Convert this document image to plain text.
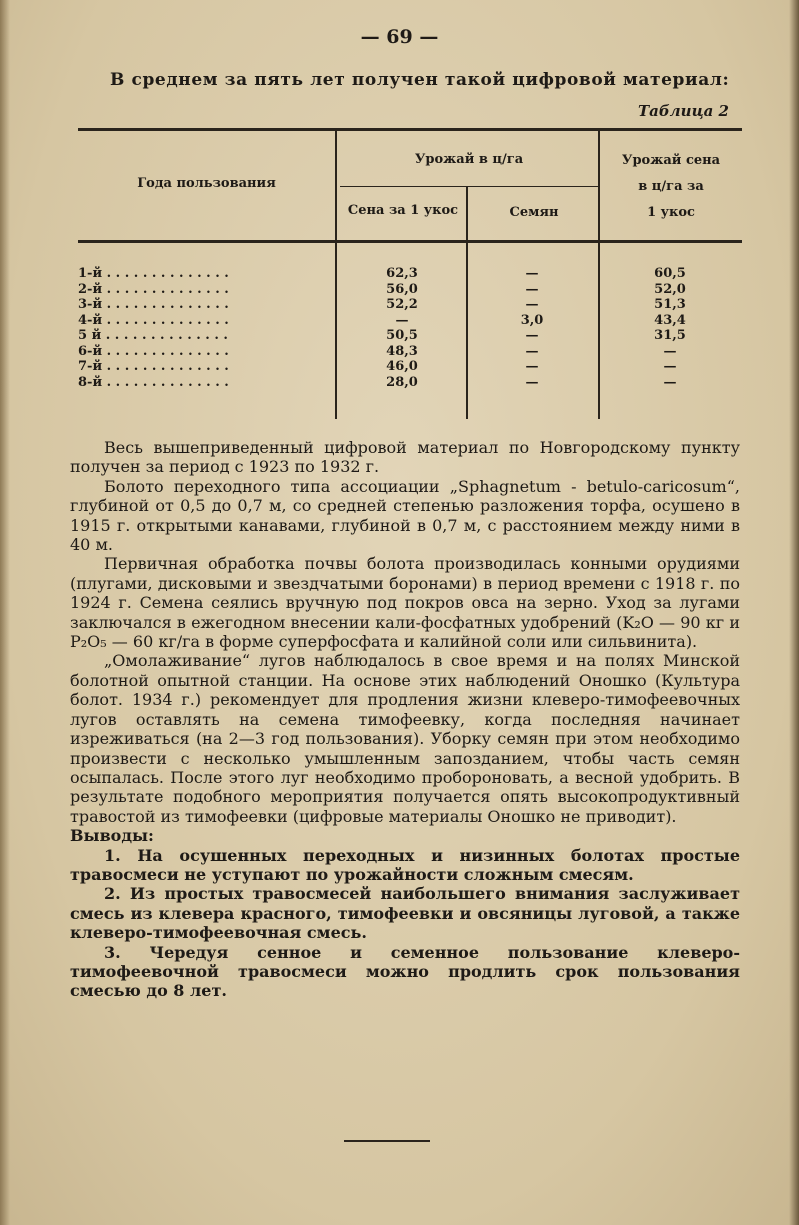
— 69 —
В среднем за пять лет получен такой цифровой материал:
Таблица 2
Года пользования
Урожай в ц/га
Сена за 1 укос	Семян
Урожай сена
в ц/га за
1 укос
1-й . . . . . . . . . . . . . .
2-й . . . . . . . . . . . . . .
3-й . . . . . . . . . . . . . .
4-й . . . . . . . . . . . . . .
5 й . . . . . . . . . . . . . .
6-й . . . . . . . . . . . . . .
7-й . . . . . . . . . . . . . .
8-й . . . . . . . . . . . . . .
62,3
56,0
52,2
—
50,5
48,3
46,0
28,0
—
—
—
3,0
—
—
—
—
60,5
52,0
51,3
43,4
31,5
—
—
—

Весь вышеприведенный цифровой материал по Новгородскому пункту получен за период с 1923 по 1932 г.

Болото переходного типа ассоциации „Sphagnetum - betulo-caricosum“, глубиной от 0,5 до 0,7 м, со средней степенью разложения торфа, осушено в 1915 г. открытыми канавами, глубиной в 0,7 м, с расстоянием между ними в 40 м.

Первичная обработка почвы болота производилась конными орудиями (плугами, дисковыми и звездчатыми боронами) в период времени с 1918 г. по 1924 г. Семена сеялись вручную под покров овса на зерно. Уход за лугами заключался в ежегодном внесении кали-фосфатных удобрений (K₂O — 90 кг и P₂O₅ — 60 кг/га в форме суперфосфата и калийной соли или сильвинита).

„Омолаживание“ лугов наблюдалось в свое время и на полях Минской болотной опытной станции. На основе этих наблюдений Оношко (Культура болот. 1934 г.) рекомендует для продления жизни клеверо-тимофеевочных лугов оставлять на семена тимофеевку, когда последняя начинает изреживаться (на 2—3 год пользования). Уборку семян при этом необходимо произвести с несколько умышленным запозданием, чтобы часть семян осыпалась. После этого луг необходимо пробороновать, а весной удобрить. В результате подобного мероприятия получается опять высокопродуктивный травостой из тимофеевки (цифровые материалы Оношко не приводит).

Выводы:

1. На осушенных переходных и низинных болотах простые травосмеси не уступают по урожайности сложным смесям.

2. Из простых травосмесей наибольшего внимания заслуживает смесь из клевера красного, тимофеевки и овсяницы луговой, а также клеверо-тимофеевочная смесь.

3. Чередуя сенное и семенное пользование клеверо-тимофеевочной травосмеси можно продлить срок пользования смесью до 8 лет.
